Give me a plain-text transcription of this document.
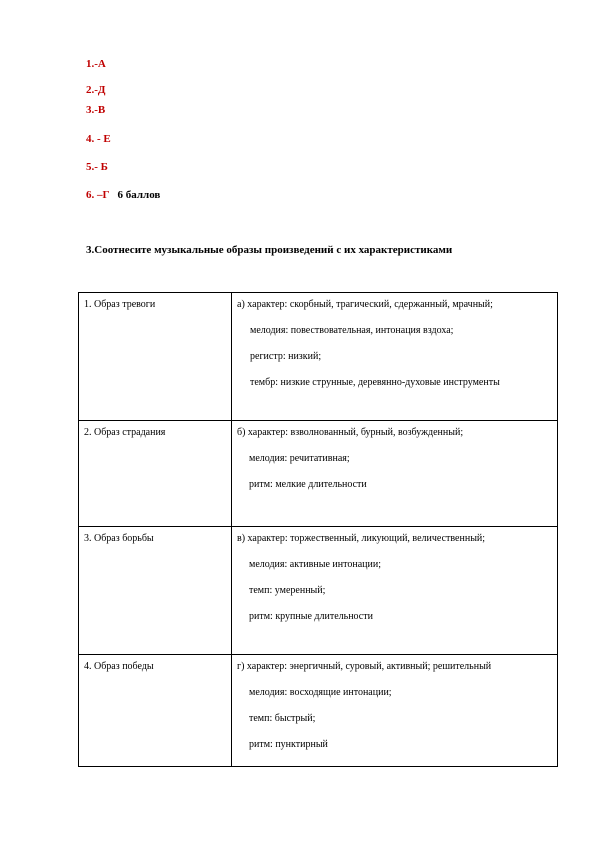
1.-А
2.-Д
3.-В
4. - Е
5.- Б
6. –Г 6 баллов
3.Соотнесите музыкальные образы произведений с их характеристиками
1. Образ тревоги	а) характер: скорбный, трагический, сдержанный, мрачный;
мелодия: повествовательная, интонация вздоха;
регистр: низкий;
тембр: низкие струнные, деревянно-духовые инструменты

2. Образ страдания	б) характер: взволнованный, бурный, возбужденный;
мелодия: речитативная;
ритм: мелкие длительности

3. Образ борьбы	в) характер: торжественный, ликующий, величественный;
мелодия: активные интонации;
темп: умеренный;
ритм: крупные длительности

4. Образ победы	г) характер: энергичный, суровый, активный; решительный
мелодия: восходящие интонации;
темп: быстрый;
ритм: пунктирный
